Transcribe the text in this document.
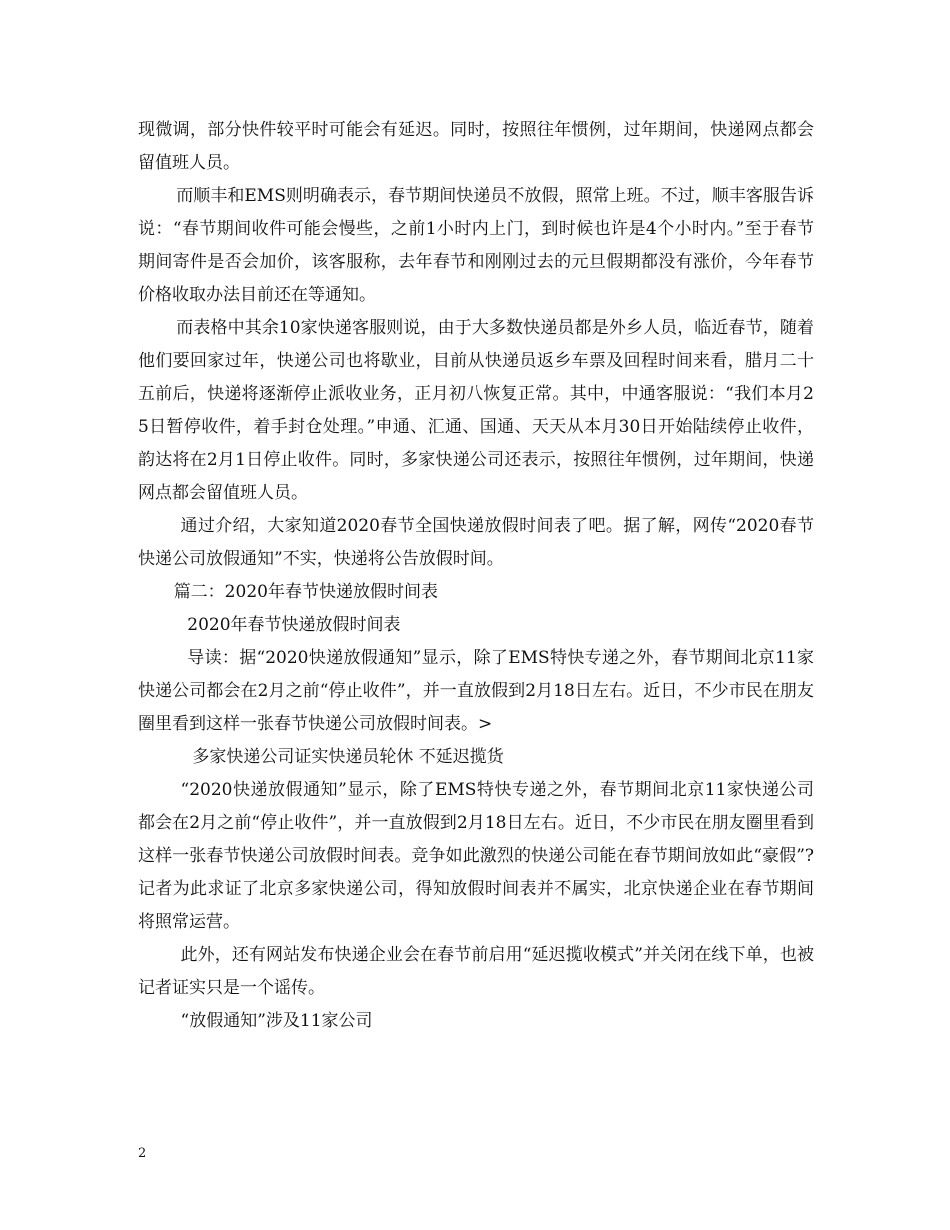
现微调，部分快件较平时可能会有延迟。同时，按照往年惯例，过年期间，快递网点都会留值班人员。

而顺丰和EMS则明确表示，春节期间快递员不放假，照常上班。不过，顺丰客服告诉说：“春节期间收件可能会慢些，之前1小时内上门，到时候也许是4个小时内。”至于春节期间寄件是否会加价，该客服称，去年春节和刚刚过去的元旦假期都没有涨价，今年春节价格收取办法目前还在等通知。

而表格中其余10家快递客服则说，由于大多数快递员都是外乡人员，临近春节，随着他们要回家过年，快递公司也将歇业，目前从快递员返乡车票及回程时间来看，腊月二十五前后，快递将逐渐停止派收业务，正月初八恢复正常。其中，中通客服说：“我们本月25日暂停收件，着手封仓处理。”申通、汇通、国通、天天从本月30日开始陆续停止收件，韵达将在2月1日停止收件。同时，多家快递公司还表示，按照往年惯例，过年期间，快递网点都会留值班人员。

通过介绍，大家知道2020春节全国快递放假时间表了吧。据了解，网传“2020春节快递公司放假通知”不实，快递将公告放假时间。

篇二：2020年春节快递放假时间表

2020年春节快递放假时间表

导读：据“2020快递放假通知”显示，除了EMS特快专递之外，春节期间北京11家快递公司都会在2月之前“停止收件”，并一直放假到2月18日左右。近日，不少市民在朋友圈里看到这样一张春节快递公司放假时间表。>

多家快递公司证实快递员轮休 不延迟揽货

“2020快递放假通知”显示，除了EMS特快专递之外，春节期间北京11家快递公司都会在2月之前“停止收件”，并一直放假到2月18日左右。近日，不少市民在朋友圈里看到这样一张春节快递公司放假时间表。竞争如此激烈的快递公司能在春节期间放如此“豪假”?记者为此求证了北京多家快递公司，得知放假时间表并不属实，北京快递企业在春节期间将照常运营。

此外，还有网站发布快递企业会在春节前启用“延迟揽收模式”并关闭在线下单，也被记者证实只是一个谣传。

“放假通知”涉及11家公司

2
